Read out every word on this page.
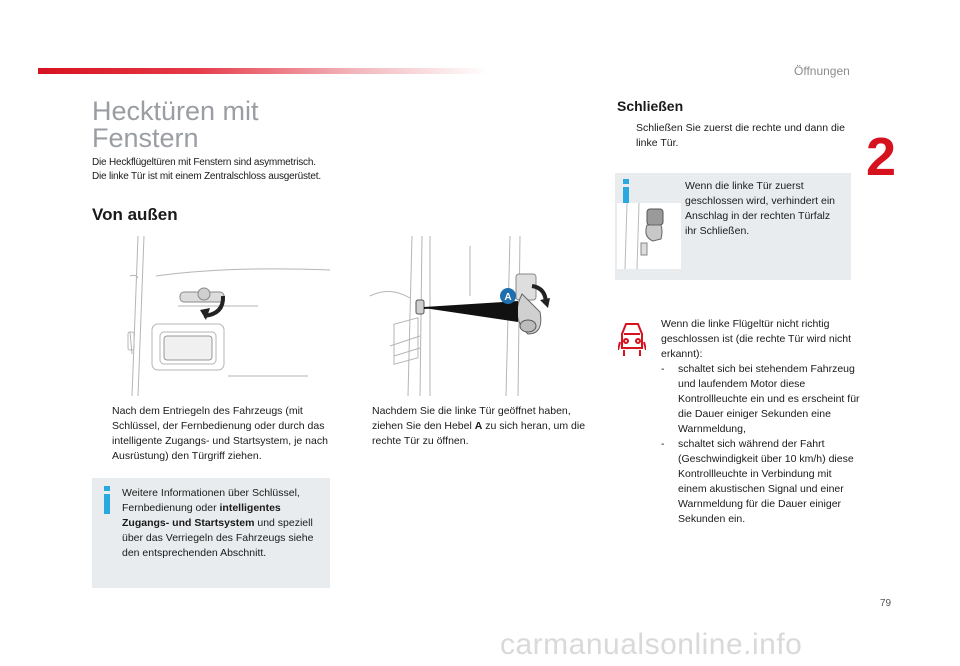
Öffnungen
2
Hecktüren mit
Fenstern
Die Heckflügeltüren mit Fenstern sind asymmetrisch.
Die linke Tür ist mit einem Zentralschloss ausgerüstet.
Von außen
A
Nach dem Entriegeln des Fahrzeugs (mit Schlüssel, der Fernbedienung oder durch das intelligente Zugangs- und Startsystem, je nach Ausrüstung) den Türgriff ziehen.
Nachdem Sie die linke Tür geöffnet haben, ziehen Sie den Hebel A zu sich heran, um die rechte Tür zu öffnen.
Weitere Informationen über Schlüssel, Fernbedienung oder intelligentes Zugangs- und Startsystem und speziell über das Verriegeln des Fahrzeugs siehe den entsprechenden Abschnitt.
Schließen
Schließen Sie zuerst die rechte und dann die linke Tür.
Wenn die linke Tür zuerst geschlossen wird, verhindert ein Anschlag in der rechten Türfalz ihr Schließen.
Wenn die linke Flügeltür nicht richtig geschlossen ist (die rechte Tür wird nicht erkannt):
- schaltet sich bei stehendem Fahrzeug und laufendem Motor diese Kontrollleuchte ein und es erscheint für die Dauer einiger Sekunden eine Warnmeldung,
- schaltet sich während der Fahrt (Geschwindigkeit über 10 km/h) diese Kontrollleuchte in Verbindung mit einem akustischen Signal und einer Warnmeldung für die Dauer einiger Sekunden ein.
79
carmanualsonline.info
